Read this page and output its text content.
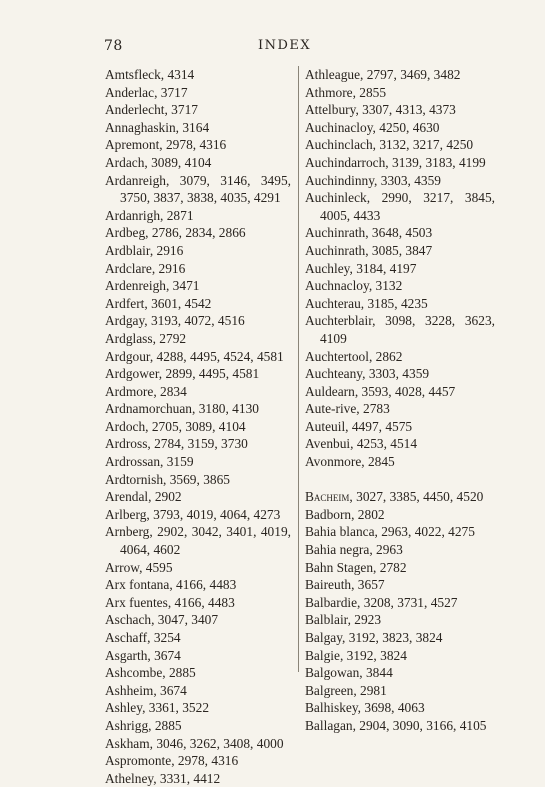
78	INDEX

Amtsfleck, 4314

Anderlac, 3717

Anderlecht, 3717

Annaghaskin, 3164

Apremont, 2978, 4316

Ardach, 3089, 4104

Ardanreigh, 3079, 3146, 3495, 3750, 3837, 3838, 4035, 4291

Ardanrigh, 2871

Ardbeg, 2786, 2834, 2866

Ardblair, 2916

Ardclare, 2916

Ardenreigh, 3471

Ardfert, 3601, 4542

Ardgay, 3193, 4072, 4516

Ardglass, 2792

Ardgour, 4288, 4495, 4524, 4581

Ardgower, 2899, 4495, 4581

Ardmore, 2834

Ardnamorchuan, 3180, 4130

Ardoch, 2705, 3089, 4104

Ardross, 2784, 3159, 3730

Ardrossan, 3159

Ardtornish, 3569, 3865

Arendal, 2902

Arlberg, 3793, 4019, 4064, 4273

Arnberg, 2902, 3042, 3401, 4019, 4064, 4602

Arrow, 4595

Arx fontana, 4166, 4483

Arx fuentes, 4166, 4483

Aschach, 3047, 3407

Aschaff, 3254

Asgarth, 3674

Ashcombe, 2885

Ashheim, 3674

Ashley, 3361, 3522

Ashrigg, 2885

Askham, 3046, 3262, 3408, 4000

Aspromonte, 2978, 4316

Athelney, 3331, 4412

Athleague, 2797, 3469, 3482

Athmore, 2855

Attelbury, 3307, 4313, 4373

Auchinacloy, 4250, 4630

Auchinclach, 3132, 3217, 4250

Auchindarroch, 3139, 3183, 4199

Auchindinny, 3303, 4359

Auchinleck, 2990, 3217, 3845, 4005, 4433

Auchinrath, 3648, 4503

Auchinrath, 3085, 3847

Auchley, 3184, 4197

Auchnacloy, 3132

Auchterau, 3185, 4235

Auchterblair, 3098, 3228, 3623, 4109

Auchtertool, 2862

Auchteany, 3303, 4359

Auldearn, 3593, 4028, 4457

Aute-rive, 2783

Auteuil, 4497, 4575

Avenbui, 4253, 4514

Avonmore, 2845

Bacheim, 3027, 3385, 4450, 4520

Badborn, 2802

Bahia blanca, 2963, 4022, 4275

Bahia negra, 2963

Bahn Stagen, 2782

Baireuth, 3657

Balbardie, 3208, 3731, 4527

Balblair, 2923

Balgay, 3192, 3823, 3824

Balgie, 3192, 3824

Balgowan, 3844

Balgreen, 2981

Balhiskey, 3698, 4063

Ballagan, 2904, 3090, 3166, 4105
